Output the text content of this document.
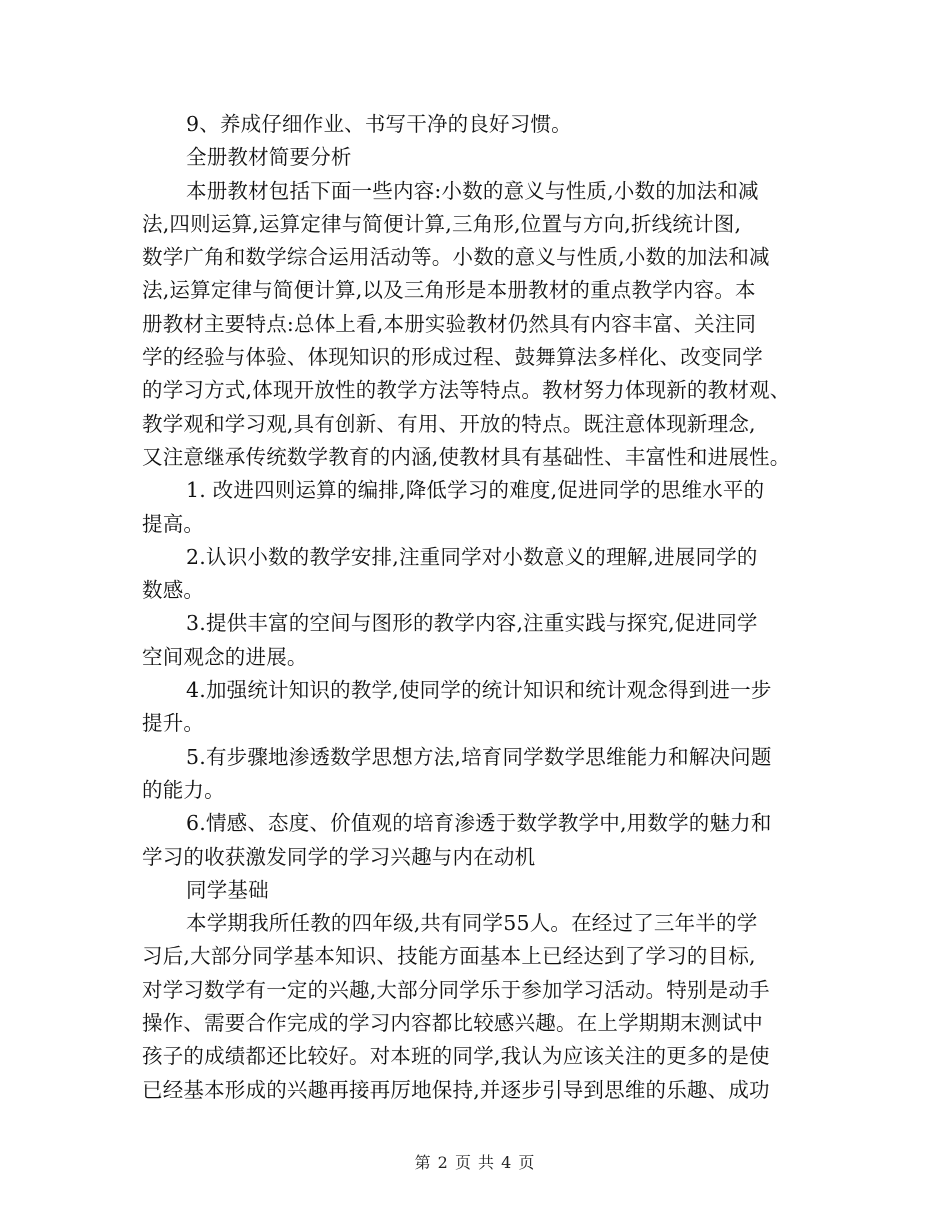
9、养成仔细作业、书写干净的良好习惯。
全册教材简要分析
本册教材包括下面一些内容:小数的意义与性质,小数的加法和减
法,四则运算,运算定律与简便计算,三角形,位置与方向,折线统计图,
数学广角和数学综合运用活动等。小数的意义与性质,小数的加法和减
法,运算定律与简便计算,以及三角形是本册教材的重点教学内容。本
册教材主要特点:总体上看,本册实验教材仍然具有内容丰富、关注同
学的经验与体验、体现知识的形成过程、鼓舞算法多样化、改变同学
的学习方式,体现开放性的教学方法等特点。教材努力体现新的教材观、
教学观和学习观,具有创新、有用、开放的特点。既注意体现新理念,
又注意继承传统数学教育的内涵,使教材具有基础性、丰富性和进展性。
1. 改进四则运算的编排,降低学习的难度,促进同学的思维水平的
提高。
2.认识小数的教学安排,注重同学对小数意义的理解,进展同学的
数感。
3.提供丰富的空间与图形的教学内容,注重实践与探究,促进同学
空间观念的进展。
4.加强统计知识的教学,使同学的统计知识和统计观念得到进一步
提升。
5.有步骤地渗透数学思想方法,培育同学数学思维能力和解决问题
的能力。
6.情感、态度、价值观的培育渗透于数学教学中,用数学的魅力和
学习的收获激发同学的学习兴趣与内在动机
同学基础
本学期我所任教的四年级,共有同学55人。在经过了三年半的学
习后,大部分同学基本知识、技能方面基本上已经达到了学习的目标,
对学习数学有一定的兴趣,大部分同学乐于参加学习活动。特别是动手
操作、需要合作完成的学习内容都比较感兴趣。在上学期期末测试中
孩子的成绩都还比较好。对本班的同学,我认为应该关注的更多的是使
已经基本形成的兴趣再接再厉地保持,并逐步引导到思维的乐趣、成功
第 2 页 共 4 页
